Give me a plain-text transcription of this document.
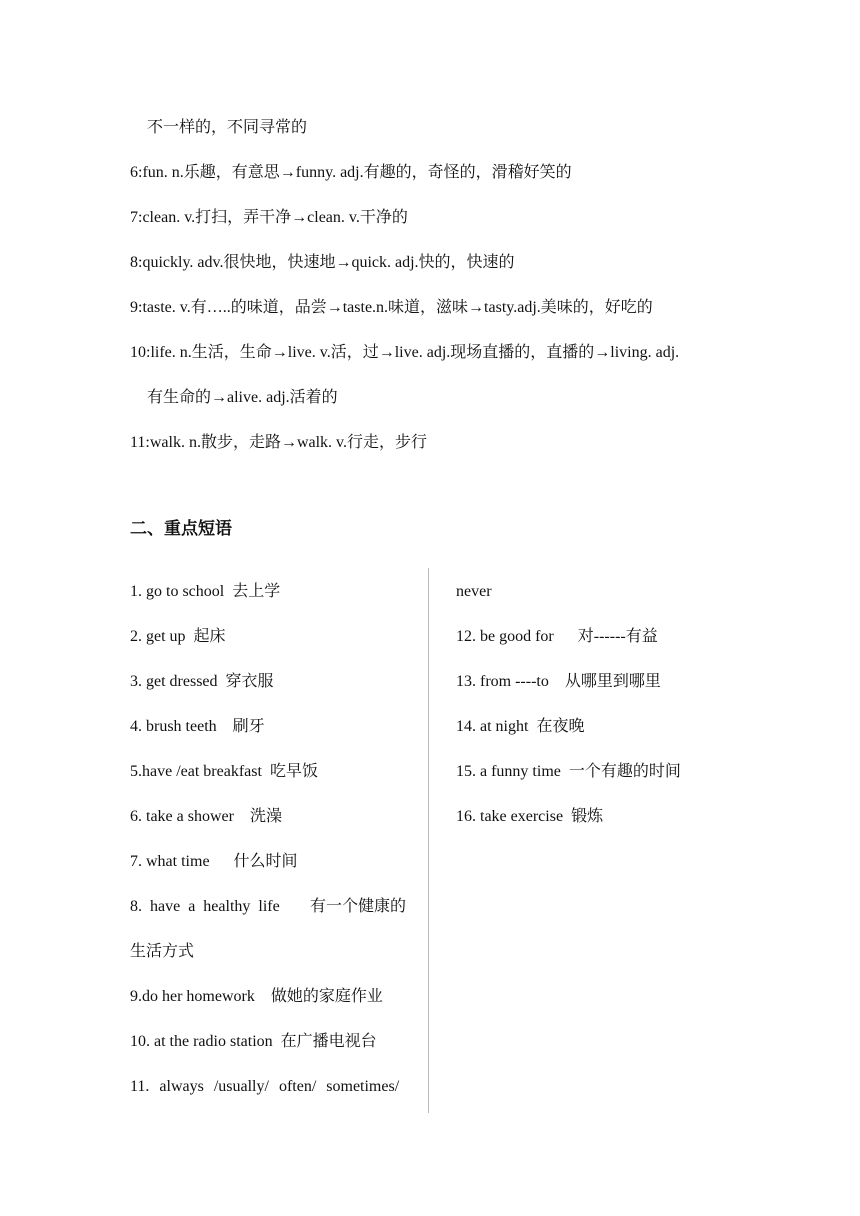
不一样的，不同寻常的
6:fun. n.乐趣，有意思→funny. adj.有趣的，奇怪的，滑稽好笑的
7:clean. v.打扫，弄干净→clean. v.干净的
8:quickly. adv.很快地，快速地→quick. adj.快的，快速的
9:taste. v.有…..的味道，品尝→taste.n.味道，滋味→tasty.adj.美味的，好吃的
10:life. n.生活，生命→live. v.活，过→live. adj.现场直播的，直播的→living. adj.
有生命的→alive. adj.活着的
11:walk. n.散步，走路→walk. v.行走，步行
二、重点短语
1. go to school 去上学
2. get up 起床
3. get dressed 穿衣服
4. brush teeth 刷牙
5.have /eat breakfast 吃早饭
6. take a shower 洗澡
7. what time 什么时间
8. have a healthy life 有一个健康的
生活方式
9.do her homework 做她的家庭作业
10. at the radio station 在广播电视台
11. always /usually/ often/ sometimes/
never
12. be good for 对------有益
13. from ----to 从哪里到哪里
14. at night 在夜晚
15. a funny time 一个有趣的时间
16. take exercise 锻炼
